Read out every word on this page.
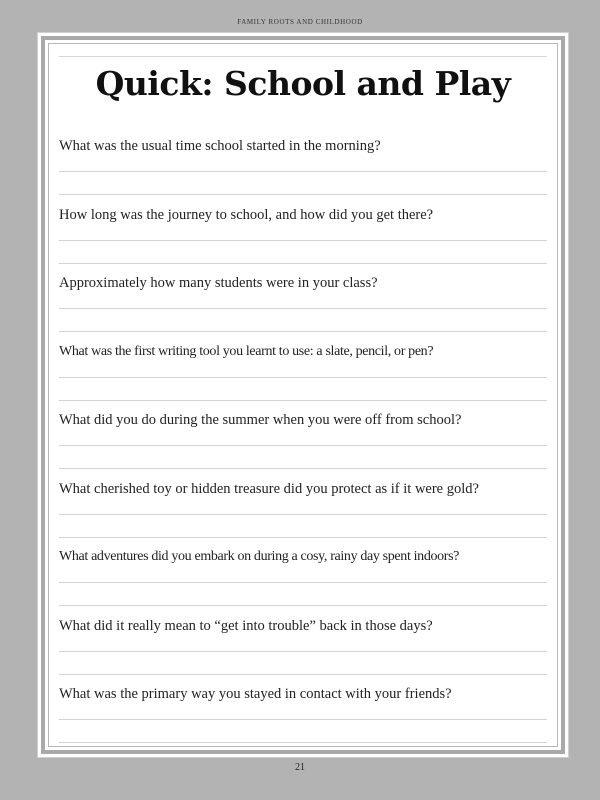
FAMILY ROOTS AND CHILDHOOD
Quick: School and Play
What was the usual time school started in the morning?
How long was the journey to school, and how did you get there?
Approximately how many students were in your class?
What was the first writing tool you learnt to use: a slate, pencil, or pen?
What did you do during the summer when you were off from school?
What cherished toy or hidden treasure did you protect as if it were gold?
What adventures did you embark on during a cosy, rainy day spent indoors?
What did it really mean to “get into trouble” back in those days?
What was the primary way you stayed in contact with your friends?
21
